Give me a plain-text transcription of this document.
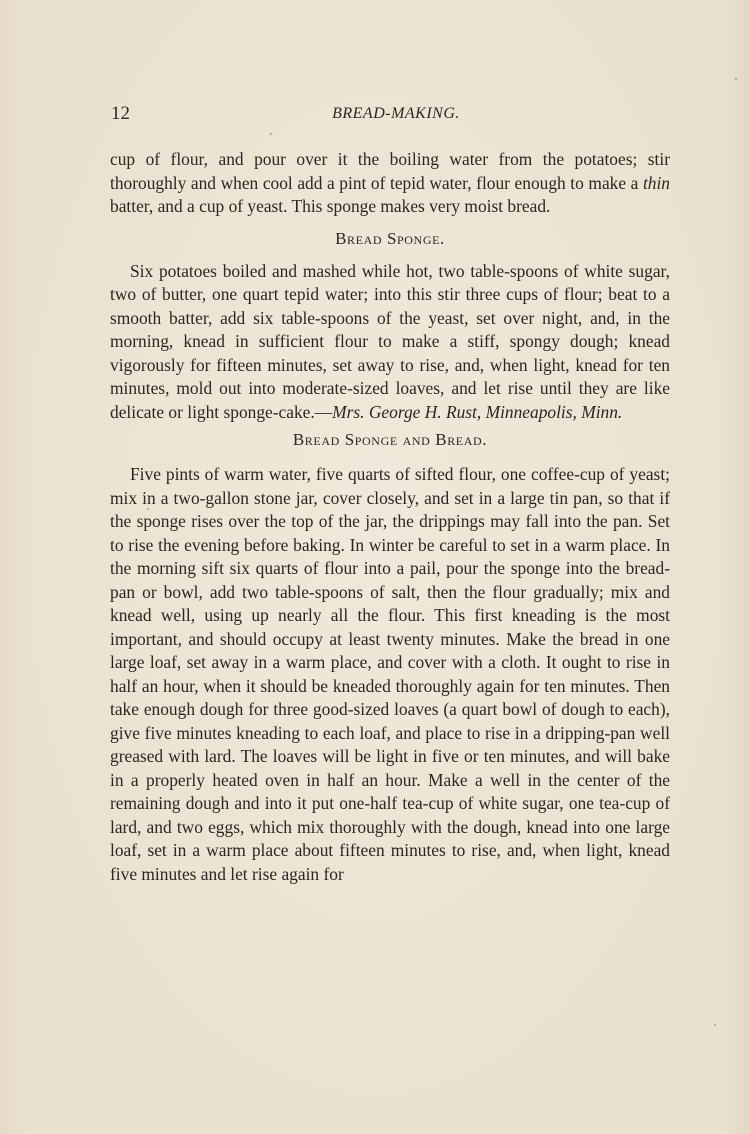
12	BREAD-MAKING.

cup of flour, and pour over it the boiling water from the potatoes; stir thoroughly and when cool add a pint of tepid water, flour enough to make a thin batter, and a cup of yeast. This sponge makes very moist bread.

Bread Sponge.

Six potatoes boiled and mashed while hot, two table-spoons of white sugar, two of butter, one quart tepid water; into this stir three cups of flour; beat to a smooth batter, add six table-spoons of the yeast, set over night, and, in the morning, knead in sufficient flour to make a stiff, spongy dough; knead vigorously for fifteen minutes, set away to rise, and, when light, knead for ten minutes, mold out into moderate-sized loaves, and let rise until they are like delicate or light sponge-cake.—Mrs. George H. Rust, Minneapolis, Minn.

Bread Sponge and Bread.

Five pints of warm water, five quarts of sifted flour, one coffee-cup of yeast; mix in a two-gallon stone jar, cover closely, and set in a large tin pan, so that if the sponge rises over the top of the jar, the drippings may fall into the pan. Set to rise the evening before baking. In winter be careful to set in a warm place. In the morning sift six quarts of flour into a pail, pour the sponge into the bread-pan or bowl, add two table-spoons of salt, then the flour gradually; mix and knead well, using up nearly all the flour. This first kneading is the most important, and should occupy at least twenty minutes. Make the bread in one large loaf, set away in a warm place, and cover with a cloth. It ought to rise in half an hour, when it should be kneaded thoroughly again for ten minutes. Then take enough dough for three good-sized loaves (a quart bowl of dough to each), give five minutes kneading to each loaf, and place to rise in a dripping-pan well greased with lard. The loaves will be light in five or ten minutes, and will bake in a properly heated oven in half an hour. Make a well in the center of the remaining dough and into it put one-half tea-cup of white sugar, one tea-cup of lard, and two eggs, which mix thoroughly with the dough, knead into one large loaf, set in a warm place about fifteen minutes to rise, and, when light, knead five minutes and let rise again for
